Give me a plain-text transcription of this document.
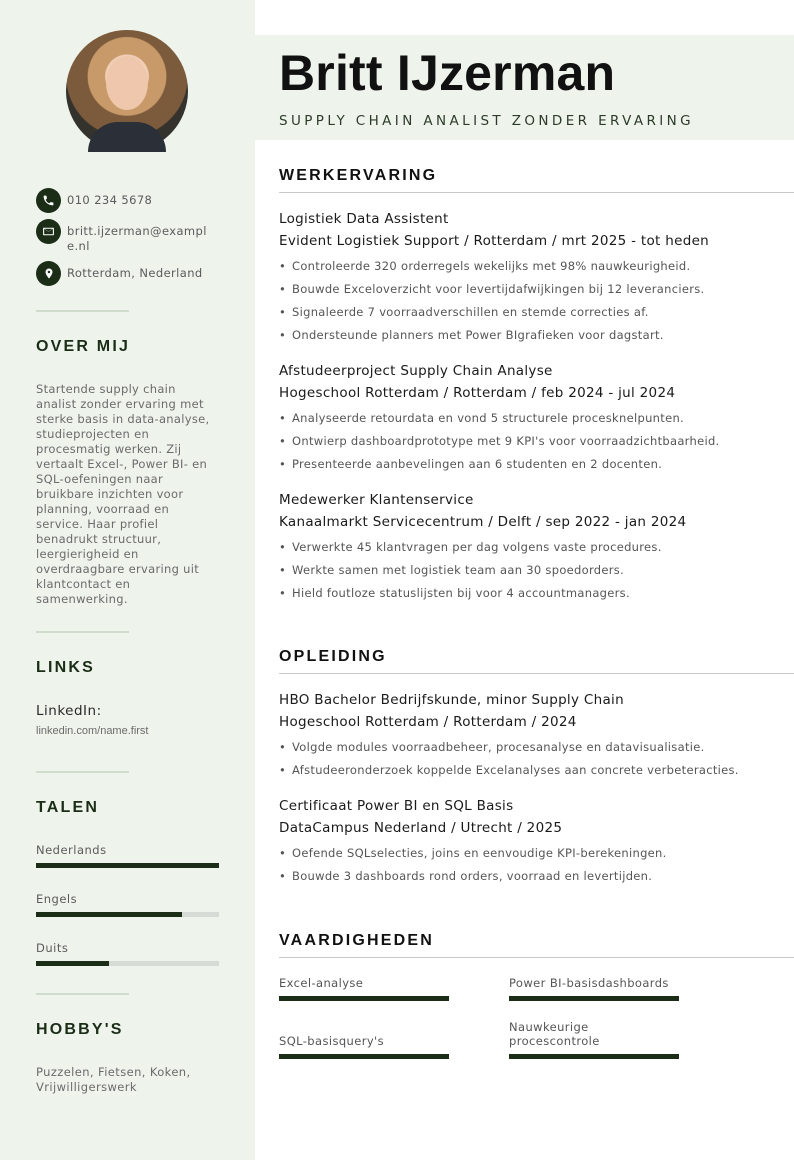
010 234 5678
britt.ijzerman@example.nl
Rotterdam, Nederland
OVER MIJ
Startende supply chain analist zonder ervaring met sterke basis in data-analyse, studieprojecten en procesmatig werken. Zij vertaalt Excel-, Power BI- en SQL-oefeningen naar bruikbare inzichten voor planning, voorraad en service. Haar profiel benadrukt structuur, leergierigheid en overdraagbare ervaring uit klantcontact en samenwerking.
LINKS
LinkedIn:
linkedin.com/name.first
TALEN
Nederlands
Engels
Duits
HOBBY'S
Puzzelen, Fietsen, Koken, Vrijwilligerswerk
Britt IJzerman
SUPPLY CHAIN ANALIST ZONDER ERVARING
WERKERVARING
Logistiek Data Assistent
Evident Logistiek Support / Rotterdam / mrt 2025 - tot heden
• Controleerde 320 orderregels wekelijks met 98% nauwkeurigheid.
• Bouwde Exceloverzicht voor levertijdafwijkingen bij 12 leveranciers.
• Signaleerde 7 voorraadverschillen en stemde correcties af.
• Ondersteunde planners met Power BIgrafieken voor dagstart.
Afstudeerproject Supply Chain Analyse
Hogeschool Rotterdam / Rotterdam / feb 2024 - jul 2024
• Analyseerde retourdata en vond 5 structurele procesknelpunten.
• Ontwierp dashboardprototype met 9 KPI's voor voorraadzichtbaarheid.
• Presenteerde aanbevelingen aan 6 studenten en 2 docenten.
Medewerker Klantenservice
Kanaalmarkt Servicecentrum / Delft / sep 2022 - jan 2024
• Verwerkte 45 klantvragen per dag volgens vaste procedures.
• Werkte samen met logistiek team aan 30 spoedorders.
• Hield foutloze statuslijsten bij voor 4 accountmanagers.
OPLEIDING
HBO Bachelor Bedrijfskunde, minor Supply Chain
Hogeschool Rotterdam / Rotterdam / 2024
• Volgde modules voorraadbeheer, procesanalyse en datavisualisatie.
• Afstudeeronderzoek koppelde Excelanalyses aan concrete verbeteracties.
Certificaat Power BI en SQL Basis
DataCampus Nederland / Utrecht / 2025
• Oefende SQLselecties, joins en eenvoudige KPI-berekeningen.
• Bouwde 3 dashboards rond orders, voorraad en levertijden.
VAARDIGHEDEN
Excel-analyse	Power BI-basisdashboards
SQL-basisquery's
Nauwkeurige procescontrole
